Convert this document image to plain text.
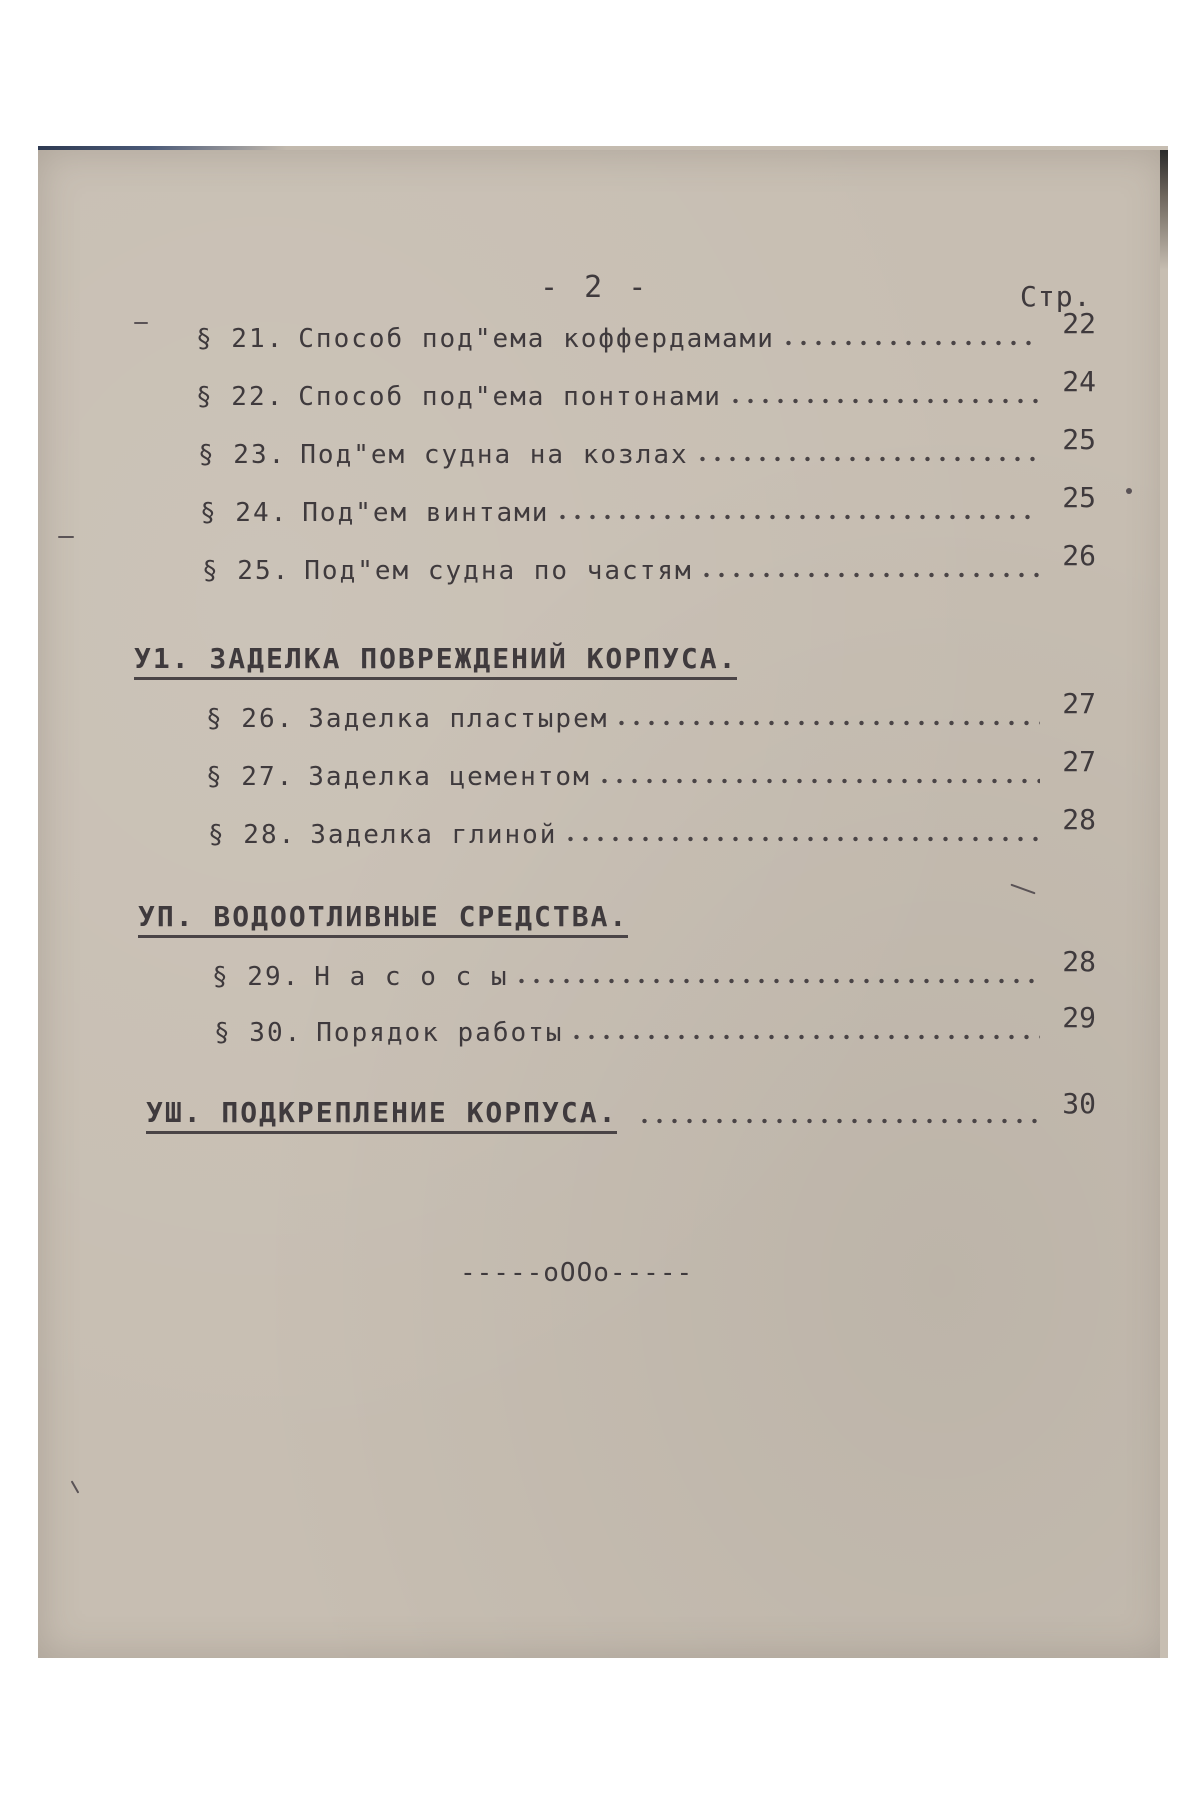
- 2 -	Стр.
§ 21. Способ под"ема коффердамами	22
§ 22. Способ под"ема понтонами	24
§ 23. Под"ем судна на козлах	25
§ 24. Под"ем винтами	25
§ 25. Под"ем судна по частям	26
У1. ЗАДЕЛКА ПОВРЕЖДЕНИЙ КОРПУСА.
§ 26. Заделка пластырем	27
§ 27. Заделка цементом	27
§ 28. Заделка глиной	28
УП. ВОДООТЛИВНЫЕ СРЕДСТВА.
§ 29. Н а с о с ы	28
§ 30. Порядок работы	29
УШ. ПОДКРЕПЛЕНИЕ КОРПУСА.	30
-----oOOo-----
